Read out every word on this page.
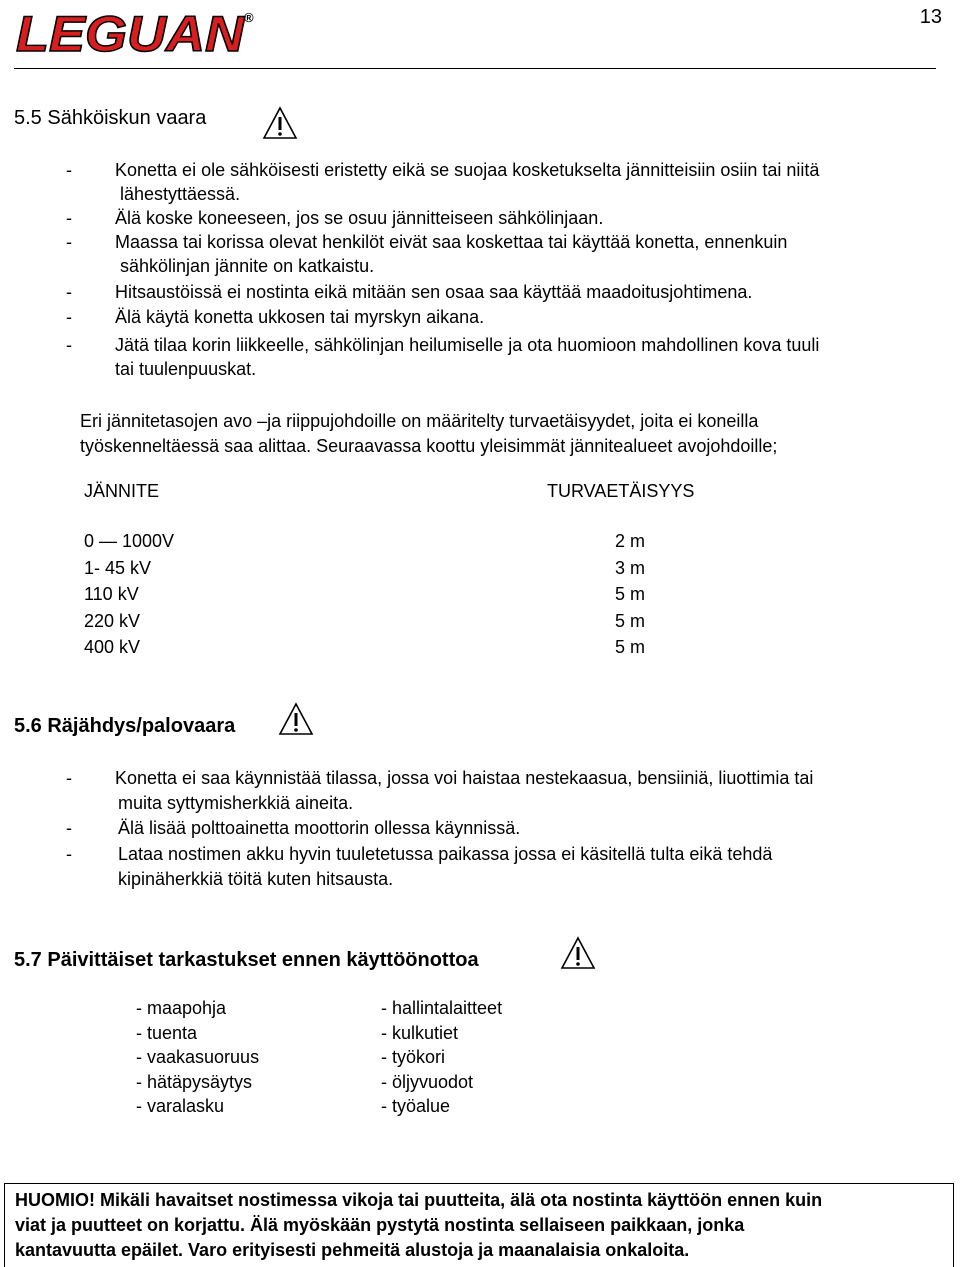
LEGUAN ®	13
5.5 Sähköiskun vaara
- Konetta ei ole sähköisesti eristetty eikä se suojaa kosketukselta jännitteisiin osiin tai niitä
lähestyttäessä.
- Älä koske koneeseen, jos se osuu jännitteiseen sähkölinjaan.
- Maassa tai korissa olevat henkilöt eivät saa koskettaa tai käyttää konetta, ennenkuin
sähkölinjan jännite on katkaistu.
- Hitsaustöissä ei nostinta eikä mitään sen osaa saa käyttää maadoitusjohtimena.
- Älä käytä konetta ukkosen tai myrskyn aikana.
- Jätä tilaa korin liikkeelle, sähkölinjan heilumiselle ja ota huomioon mahdollinen kova tuuli
tai tuulenpuuskat.
Eri jännitetasojen avo –ja riippujohdoille on määritelty turvaetäisyydet, joita ei koneilla
työskenneltäessä saa alittaa. Seuraavassa koottu yleisimmät jännitealueet avojohdoille;
JÄNNITE	TURVAETÄISYYS
0 — 1000V	2 m
1- 45 kV	3 m
110 kV	5 m
220 kV	5 m
400 kV	5 m
5.6 Räjähdys/palovaara
- Konetta ei saa käynnistää tilassa, jossa voi haistaa nestekaasua, bensiiniä, liuottimia tai
muita syttymisherkkiä aineita.
-	Älä lisää polttoainetta moottorin ollessa käynnissä.
-	Lataa nostimen akku hyvin tuuletetussa paikassa jossa ei käsitellä tulta eikä tehdä
kipinäherkkiä töitä kuten hitsausta.
5.7 Päivittäiset tarkastukset ennen käyttöönottoa
- maapohja
- tuenta
- vaakasuoruus
- hätäpysäytys
- varalasku
- hallintalaitteet
- kulkutiet
- työkori
- öljyvuodot
- työalue
HUOMIO! Mikäli havaitset nostimessa vikoja tai puutteita, älä ota nostinta käyttöön ennen kuin
viat ja puutteet on korjattu. Älä myöskään pystytä nostinta sellaiseen paikkaan, jonka
kantavuutta epäilet. Varo erityisesti pehmeitä alustoja ja maanalaisia onkaloita.
